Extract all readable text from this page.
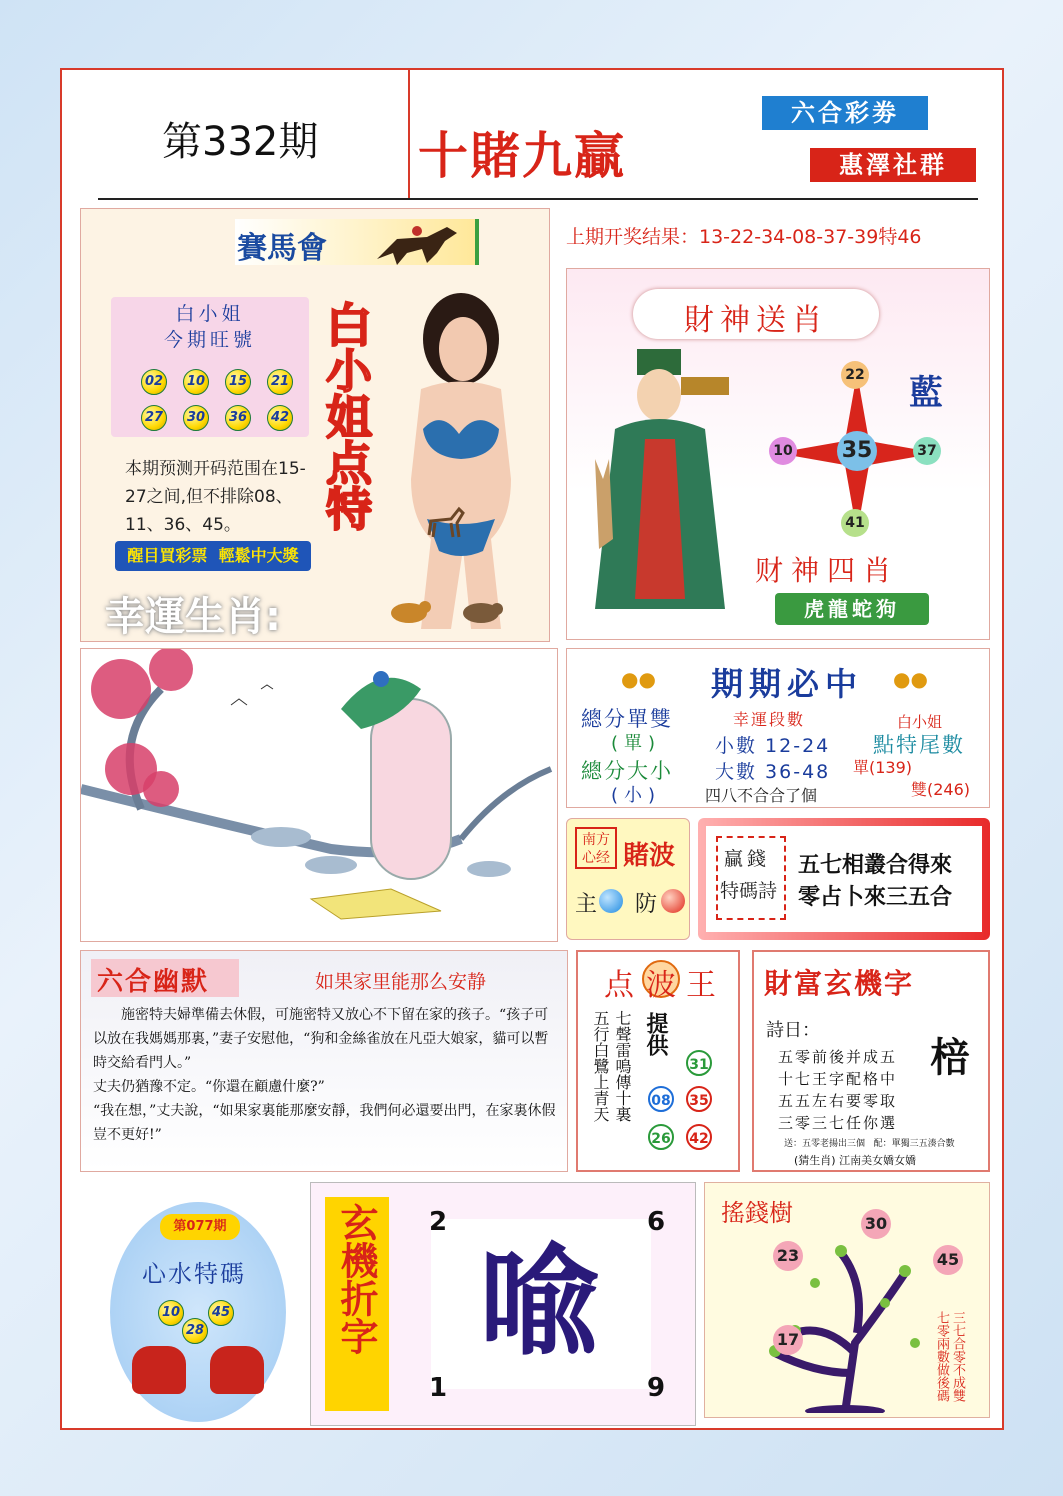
第332期 十賭九贏
六合彩劵
惠澤社群
賽馬會
白小姐
今期旺號
02	10	15	21
27	30	36	42
本期预测开码范围在15-27之间,但不排除08、11、36、45。
醒目買彩票  輕鬆中大獎
幸運生肖:
白小姐点特
上期开奖结果：13-22-34-08-37-39特46
財神送肖
35
22
10	37
41
藍
财神四肖
虎龍蛇狗
●● 期期必中 ●●
總分單雙
(單)
總分大小
(小)
幸運段數
小數 12-24
大數 36-48
四八不合合了個
白小姐
點特尾數
單(139)
雙(246)
南方心经 賭波
主 防
贏錢
特碼詩
五七相叢合得來
零占卜來三五合
六合幽默	如果家里能那么安静
施密特夫婦準備去休假，可施密特又放心不下留在家的孩子。“孩子可以放在我媽媽那裏，”妻子安慰他，“狗和金絲雀放在凡亞大娘家，貓可以暫時交給看門人。”
丈夫仍猶豫不定。“你還在顧慮什麼?”
“我在想，”丈夫說，“如果家裏能那麼安靜，我們何必還要出門，在家裏休假豈不更好!”
点 波 王
七聲雷鳴傳十裏
五行白鷺上青天 提供
31
08 35
26 42
財富玄機字
詩日：
棓
五零前後并成五
十七王字配格中
五五左右要零取
三零三七任你選
送：五零老揚出三個   配：單獨三五湊合數
(猜生肖) 江南美女嬌女嬌
第077期
心水特碼
10
28
45	玄機折字 2	6
1	9
喩
搖錢樹	30
23	45
17	三七合零不成雙 七零兩數做後碼
